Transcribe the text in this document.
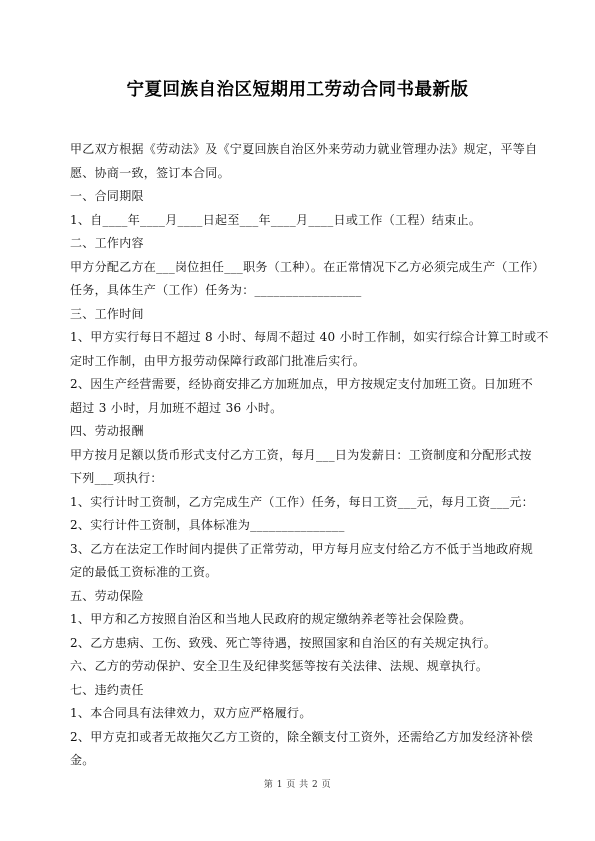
宁夏回族自治区短期用工劳动合同书最新版
甲乙双方根据《劳动法》及《宁夏回族自治区外来劳动力就业管理办法》规定，平等自
愿、协商一致，签订本合同。
一、合同期限
1、自____年____月____日起至___年____月____日或工作（工程）结束止。
二、工作内容
甲方分配乙方在___岗位担任___职务（工种）。在正常情况下乙方必须完成生产（工作）
任务，具体生产（工作）任务为：_________________
三、工作时间
1、甲方实行每日不超过 8 小时、每周不超过 40 小时工作制，如实行综合计算工时或不
定时工作制，由甲方报劳动保障行政部门批准后实行。
2、因生产经营需要，经协商安排乙方加班加点，甲方按规定支付加班工资。日加班不
超过 3 小时，月加班不超过 36 小时。
四、劳动报酬
甲方按月足额以货币形式支付乙方工资，每月___日为发薪日：工资制度和分配形式按
下列___项执行：
1、实行计时工资制，乙方完成生产（工作）任务，每日工资___元，每月工资___元：
2、实行计件工资制，具体标准为_______________
3、乙方在法定工作时间内提供了正常劳动，甲方每月应支付给乙方不低于当地政府规
定的最低工资标准的工资。
五、劳动保险
1、甲方和乙方按照自治区和当地人民政府的规定缴纳养老等社会保险费。
2、乙方患病、工伤、致残、死亡等待遇，按照国家和自治区的有关规定执行。
六、乙方的劳动保护、安全卫生及纪律奖惩等按有关法律、法规、规章执行。
七、违约责任
1、本合同具有法律效力，双方应严格履行。
2、甲方克扣或者无故拖欠乙方工资的，除全额支付工资外，还需给乙方加发经济补偿
金。
第 1 页 共 2 页
